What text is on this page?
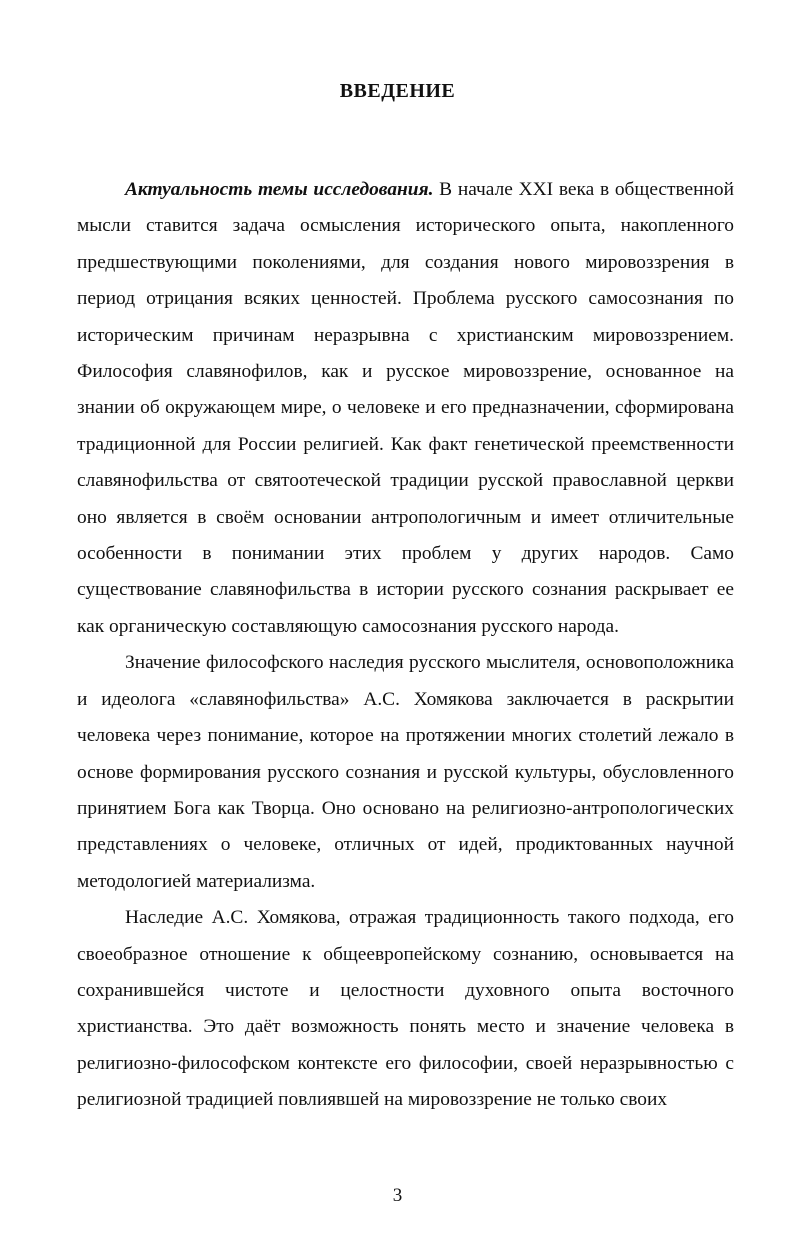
ВВЕДЕНИЕ

Актуальность темы исследования. В начале XXI века в общественной мысли ставится задача осмысления исторического опыта, накопленного предшествующими поколениями, для создания нового мировоззрения в период отрицания всяких ценностей. Проблема русского самосознания по историческим причинам неразрывна с христианским мировоззрением. Философия славянофилов, как и русское мировоззрение, основанное на знании об окружающем мире, о человеке и его предназначении, сформирована традиционной для России религией. Как факт генетической преемственности славянофильства от святоотеческой традиции русской православной церкви оно является в своём основании антропологичным и имеет отличительные особенности в понимании этих проблем у других народов. Само существование славянофильства в истории русского сознания раскрывает ее как органическую составляющую самосознания русского народа.

Значение философского наследия русского мыслителя, основоположника и идеолога «славянофильства» А.С. Хомякова заключается в раскрытии человека через понимание, которое на протяжении многих столетий лежало в основе формирования русского сознания и русской культуры, обусловленного принятием Бога как Творца. Оно основано на религиозно-антропологических представлениях о человеке, отличных от идей, продиктованных научной методологией материализма.

Наследие А.С. Хомякова, отражая традиционность такого подхода, его своеобразное отношение к общеевропейскому сознанию, основывается на сохранившейся чистоте и целостности духовного опыта восточного христианства. Это даёт возможность понять место и значение человека в религиозно-философском контексте его философии, своей неразрывностью с религиозной традицией повлиявшей на мировоззрение не только своих

3
